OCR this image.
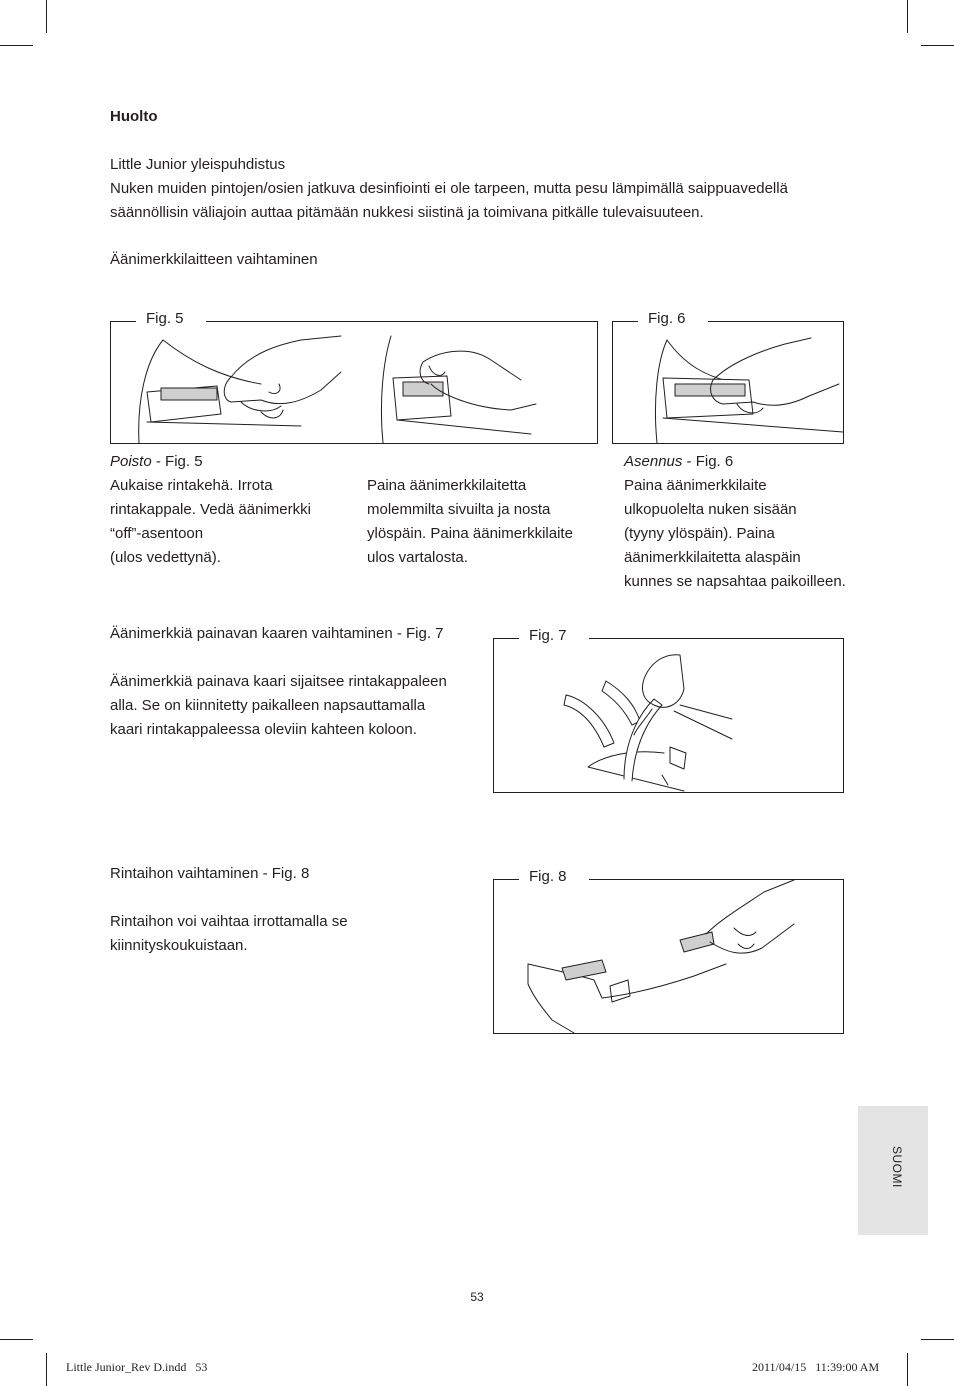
Huolto
Little Junior yleispuhdistus
Nuken muiden pintojen/osien jatkuva desinfiointi ei ole tarpeen, mutta pesu lämpimällä saippuavedellä
säännöllisin väliajoin auttaa pitämään nukkesi siistinä ja toimivana pitkälle tulevaisuuteen.
Äänimerkkilaitteen vaihtaminen
Fig. 5	Fig. 6
Poisto - Fig. 5
Aukaise rintakehä. Irrota
rintakappale. Vedä äänimerkki
“off”-asentoon
(ulos vedettynä).
Paina äänimerkkilaitetta
molemmilta sivuilta ja nosta
ylöspäin. Paina äänimerkkilaite
ulos vartalosta.
Asennus - Fig. 6
Paina äänimerkkilaite
ulkopuolelta nuken sisään
(tyyny ylöspäin). Paina
äänimerkkilaitetta alaspäin
kunnes se napsahtaa paikoilleen.
Äänimerkkiä painavan kaaren vaihtaminen - Fig. 7
Äänimerkkiä painava kaari sijaitsee rintakappaleen
alla. Se on kiinnitetty paikalleen napsauttamalla
kaari rintakappaleessa oleviin kahteen koloon.
Fig. 7
Rintaihon vaihtaminen - Fig. 8
Rintaihon voi vaihtaa irrottamalla se
kiinnityskoukuistaan.
Fig. 8
SUOMI
53
Little Junior_Rev D.indd   53	2011/04/15   11:39:00 AM
